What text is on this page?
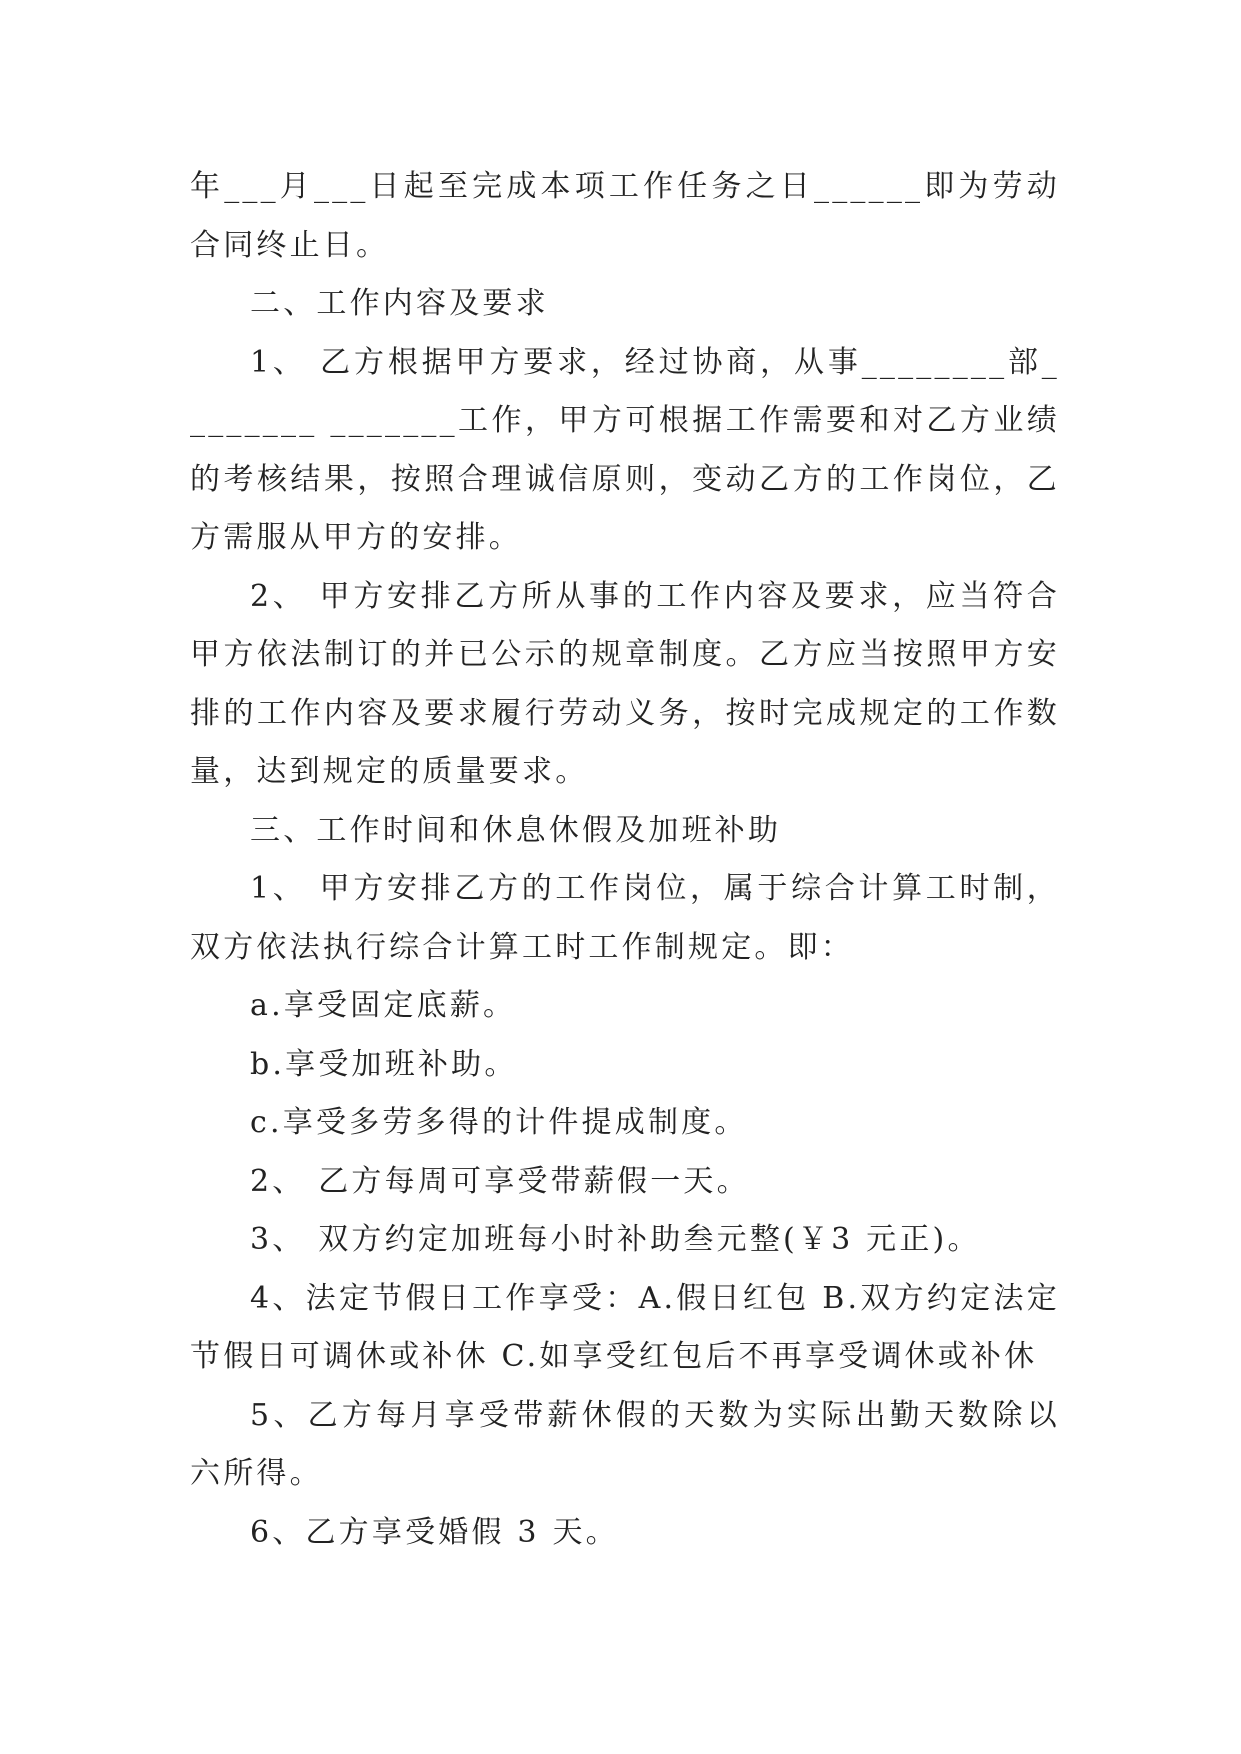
年___月___日起至完成本项工作任务之日______即为劳动合同终止日。

二、工作内容及要求

1、 乙方根据甲方要求，经过协商，从事________部________ _______工作，甲方可根据工作需要和对乙方业绩的考核结果，按照合理诚信原则，变动乙方的工作岗位，乙方需服从甲方的安排。

2、 甲方安排乙方所从事的工作内容及要求，应当符合甲方依法制订的并已公示的规章制度。乙方应当按照甲方安排的工作内容及要求履行劳动义务，按时完成规定的工作数量，达到规定的质量要求。

三、工作时间和休息休假及加班补助

1、 甲方安排乙方的工作岗位，属于综合计算工时制，双方依法执行综合计算工时工作制规定。即：

a.享受固定底薪。

b.享受加班补助。

c.享受多劳多得的计件提成制度。

2、 乙方每周可享受带薪假一天。

3、 双方约定加班每小时补助叁元整(￥3 元正)。

4、法定节假日工作享受：A.假日红包 B.双方约定法定节假日可调休或补休 C.如享受红包后不再享受调休或补休

5、乙方每月享受带薪休假的天数为实际出勤天数除以六所得。

6、乙方享受婚假 3 天。
